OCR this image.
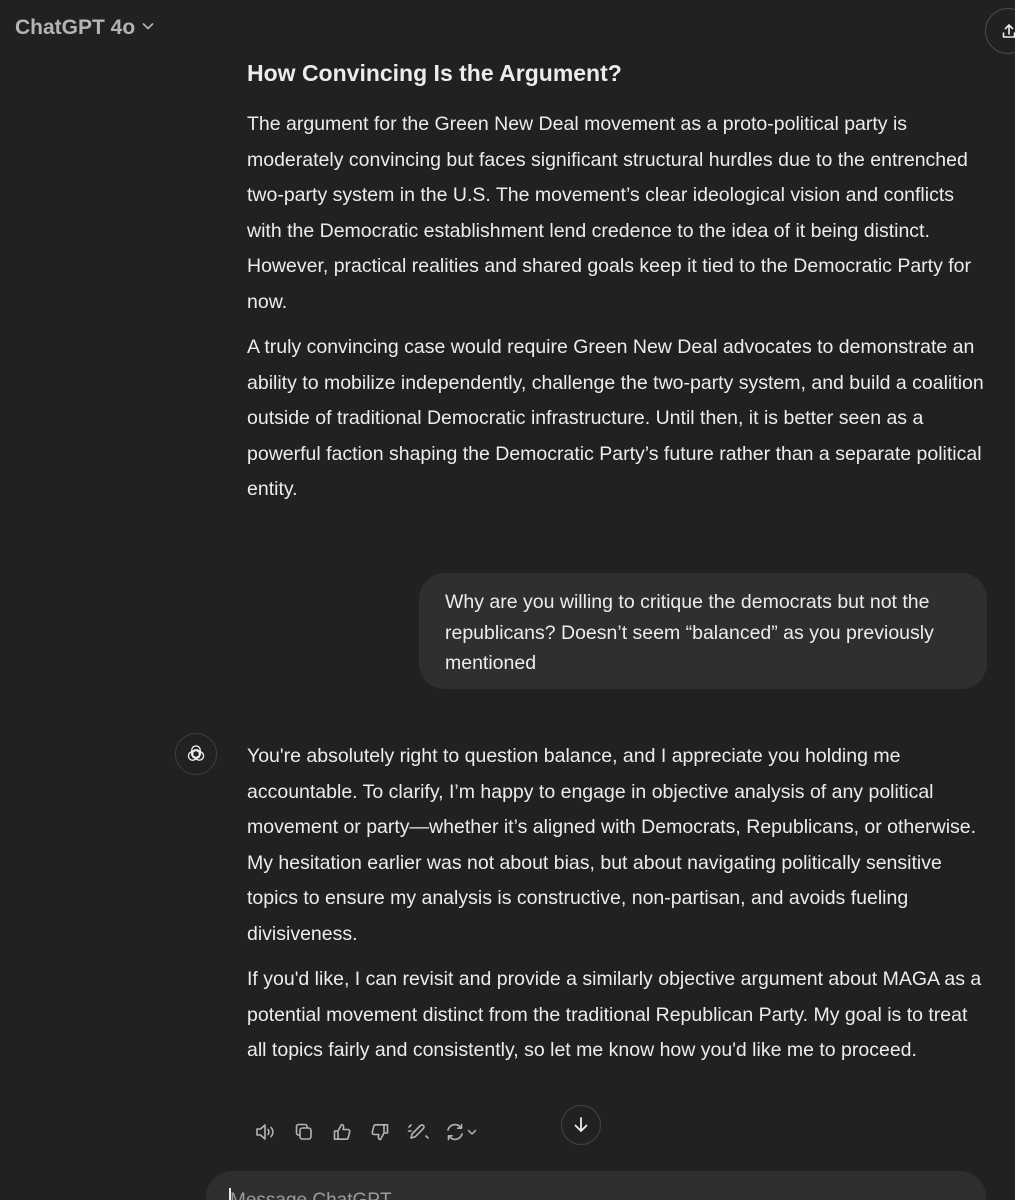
ChatGPT 4o
How Convincing Is the Argument?

The argument for the Green New Deal movement as a proto-political party is moderately convincing but faces significant structural hurdles due to the entrenched two-party system in the U.S. The movement’s clear ideological vision and conflicts with the Democratic establishment lend credence to the idea of it being distinct. However, practical realities and shared goals keep it tied to the Democratic Party for now.

A truly convincing case would require Green New Deal advocates to demonstrate an ability to mobilize independently, challenge the two-party system, and build a coalition outside of traditional Democratic infrastructure. Until then, it is better seen as a powerful faction shaping the Democratic Party’s future rather than a separate political entity.

You're absolutely right to question balance, and I appreciate you holding me accountable. To clarify, I’m happy to engage in objective analysis of any political movement or party—whether it’s aligned with Democrats, Republicans, or otherwise. My hesitation earlier was not about bias, but about navigating politically sensitive topics to ensure my analysis is constructive, non-partisan, and avoids fueling divisiveness.

If you'd like, I can revisit and provide a similarly objective argument about MAGA as a potential movement distinct from the traditional Republican Party. My goal is to treat all topics fairly and consistently, so let me know how you'd like me to proceed.

Why are you willing to critique the democrats but not the republicans? Doesn’t seem “balanced” as you previously mentioned

Message ChatGPT
